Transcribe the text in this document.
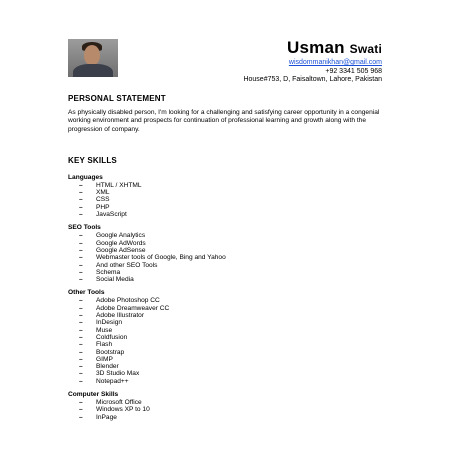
Usman Swati
wisdommanikhan@gmail.com
+92 3341 505 968
House#753, D, Faisaltown, Lahore, Pakistan
PERSONAL STATEMENT
As physically disabled person, I'm looking for a challenging and satisfying career opportunity in a congenial working environment and prospects for continuation of professional learning and growth along with the progression of company.
KEY SKILLS
Languages
– HTML / XHTML
– XML
– CSS
– PHP
– JavaScript
SEO Tools
– Google Analytics
– Google AdWords
– Google AdSense
– Webmaster tools of Google, Bing and Yahoo
– And other SEO Tools
– Schema
– Social Media
Other Tools
– Adobe Photoshop CC
– Adobe Dreamweaver CC
– Adobe Illustrator
– InDesign
– Muse
– Coldfusion
– Flash
– Bootstrap
– GIMP
– Blender
– 3D Studio Max
– Notepad++
Computer Skills
– Microsoft Office
– Windows XP to 10
– InPage
